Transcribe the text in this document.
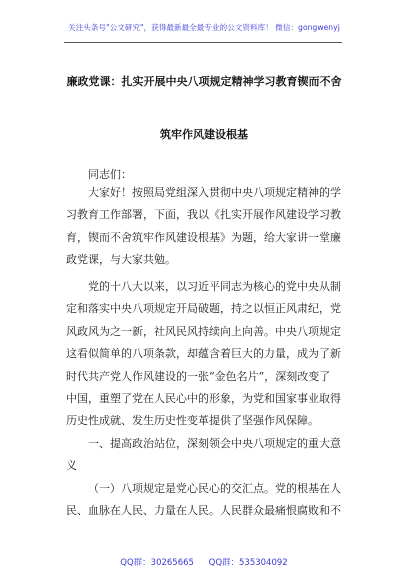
关注头条号"公文研究"，获得最新最全最专业的公文资料库！ 微信：gongwenyj
廉政党课：扎实开展中央八项规定精神学习教育锲而不舍
筑牢作风建设根基
同志们：
大家好！按照局党组深入贯彻中央八项规定精神的学
习教育工作部署，下面，我以《扎实开展作风建设学习教
育，锲而不舍筑牢作风建设根基》为题，给大家讲一堂廉
政党课，与大家共勉。
党的十八大以来，以习近平同志为核心的党中央从制
定和落实中央八项规定开局破题，持之以恒正风肃纪，党
风政风为之一新，社风民风持续向上向善。中央八项规定
这看似简单的八项条款，却蕴含着巨大的力量，成为了新
时代共产党人作风建设的一张“金色名片”，深刻改变了
中国，重塑了党在人民心中的形象，为党和国家事业取得
历史性成就、发生历史性变革提供了坚强作风保障。
一、提高政治站位，深刻领会中央八项规定的重大意
义
（一）八项规定是党心民心的交汇点。党的根基在人
民、血脉在人民、力量在人民。人民群众最痛恨腐败和不
QQ群：30265665 QQ群：535304092
